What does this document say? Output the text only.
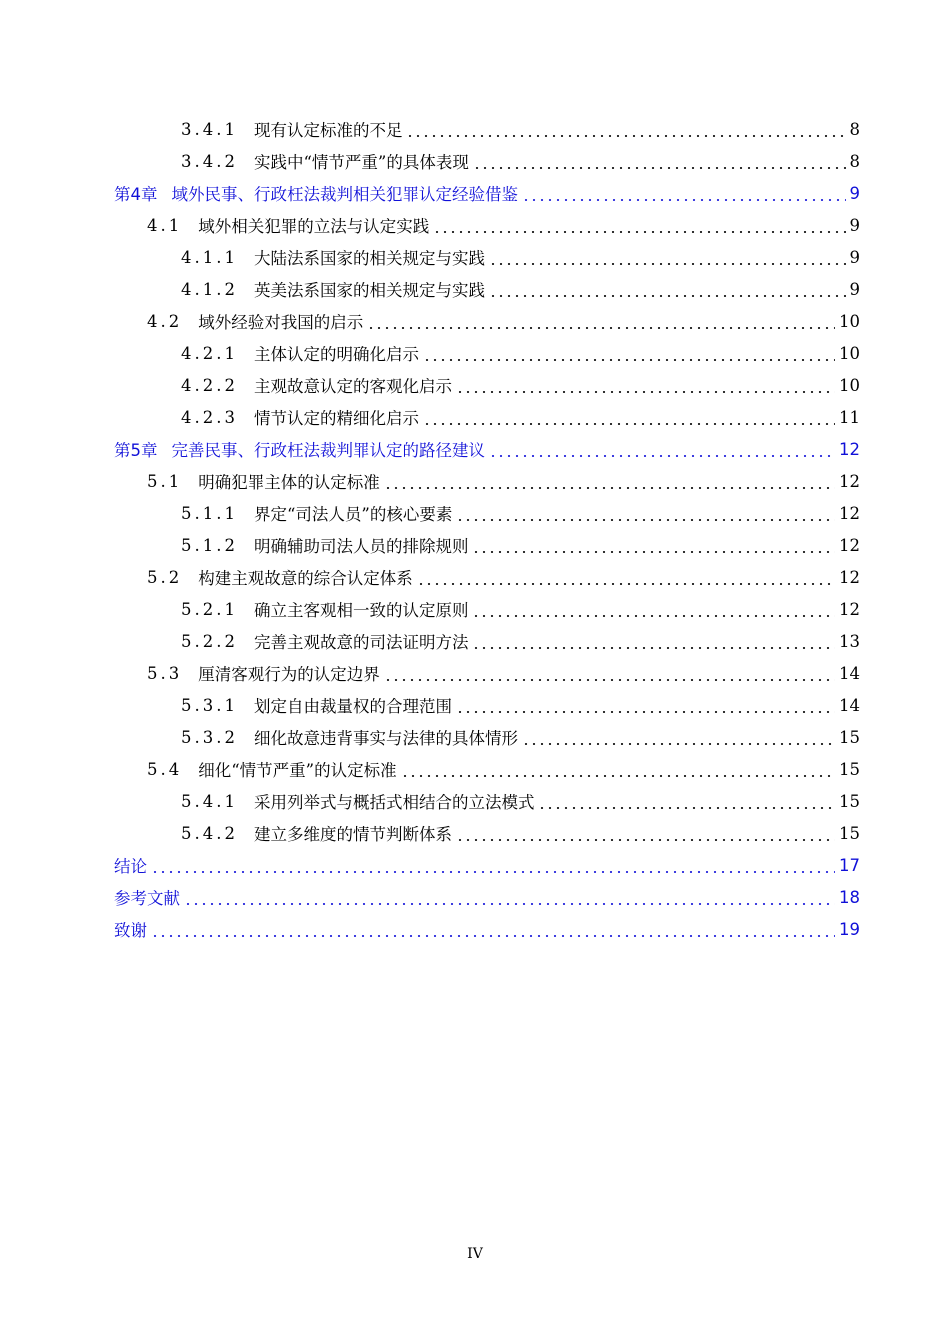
3.4.1 现有认定标准的不足	8
3.4.2 实践中“情节严重”的具体表现	8
第4章 域外民事、行政枉法裁判相关犯罪认定经验借鉴	9
4.1 域外相关犯罪的立法与认定实践	9
4.1.1 大陆法系国家的相关规定与实践	9
4.1.2 英美法系国家的相关规定与实践	9
4.2 域外经验对我国的启示	10
4.2.1 主体认定的明确化启示	10
4.2.2 主观故意认定的客观化启示	10
4.2.3 情节认定的精细化启示	11
第5章 完善民事、行政枉法裁判罪认定的路径建议	12
5.1 明确犯罪主体的认定标准	12
5.1.1 界定“司法人员”的核心要素	12
5.1.2 明确辅助司法人员的排除规则	12
5.2 构建主观故意的综合认定体系	12
5.2.1 确立主客观相一致的认定原则	12
5.2.2 完善主观故意的司法证明方法	13
5.3 厘清客观行为的认定边界	14
5.3.1 划定自由裁量权的合理范围	14
5.3.2 细化故意违背事实与法律的具体情形	15
5.4 细化“情节严重”的认定标准	15
5.4.1 采用列举式与概括式相结合的立法模式	15
5.4.2 建立多维度的情节判断体系	15
结论	17
参考文献	18
致谢	19
IV
